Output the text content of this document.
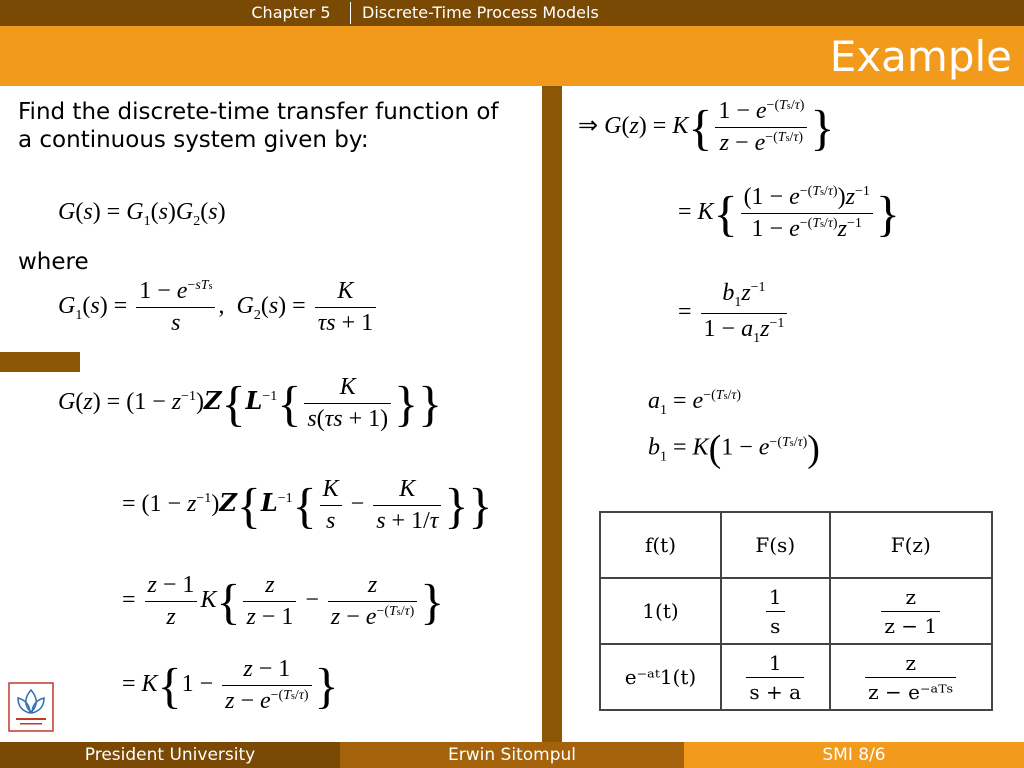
Chapter 5	Discrete-Time Process Models
Example
Find the discrete-time transfer function of a continuous system given by:
$G(s) = G_1(s)G_2(s)$
where
$G_1(s) = \frac{1 - e^{-sTs}}{s}$ ,  $G_2(s) = \frac{K}{\tau s + 1}$
$G(z) = (1 - z^{-1})Z\{L^{-1}\{ \frac{K}{s(\tau s + 1)}$ }}
= $(1 - z^{-1})Z\{L^{-1}\{ \frac{K}{s} - \frac{K}{s + 1/\tau}$ }}
= $\frac{z - 1}{z} K\{ \frac{z}{z - 1} - \frac{z}{z - e^{-(Ts/\tau)}}$ }
= $K\{1 - \frac{z - 1}{z - e^{-(Ts/\tau)}}$ }
⇒ $G(z) = K\{ \frac{1 - e^{-(Ts/\tau)}}{z - e^{-(Ts/\tau)}}$ }
= $K\{ \frac{(1 - e^{-(Ts/\tau)})z^{-1}}{1 - e^{-(Ts/\tau)}z^{-1}}$ }
= $\frac{b_1z^{-1}}{1 - a_1z^{-1}}$
$a_1 = e^{-(Ts/\tau)}$
$b_1 = K(1 - e^{-(Ts/\tau)})$
f(t)	F(s)	F(z)
1(t)	$\frac{1}{s}$	$\frac{z}{z - 1}$

e⁻ᵃᵗ1(t)	$\frac{1}{s + a}$	$\frac{z}{\text{z − e⁻ᵃᵀˢ}}$
President University	Erwin Sitompul	SMI 8/6
